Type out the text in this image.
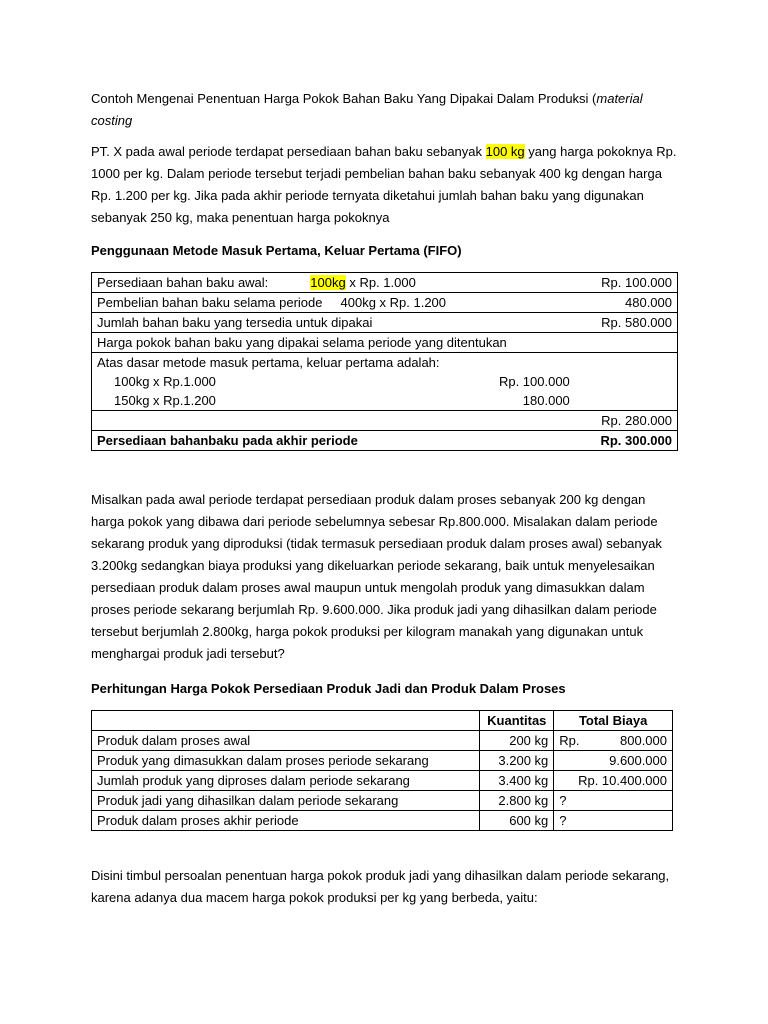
Contoh Mengenai Penentuan Harga Pokok Bahan Baku Yang Dipakai Dalam Produksi (material costing

PT. X pada awal periode terdapat persediaan bahan baku sebanyak 100 kg yang harga pokoknya Rp. 1000 per kg. Dalam periode tersebut terjadi pembelian bahan baku sebanyak 400 kg dengan harga Rp. 1.200 per kg. Jika pada akhir periode ternyata diketahui jumlah bahan baku yang digunakan sebanyak 250 kg, maka penentuan harga pokoknya

Penggunaan Metode Masuk Pertama, Keluar Pertama (FIFO)

Persediaan bahan baku awal: 100kg x Rp. 1.000		Rp. 100.000
Pembelian bahan baku selama periode 400kg x Rp. 1.200		480.000
Jumlah bahan baku yang tersedia untuk dipakai		Rp. 580.000
Harga pokok bahan baku yang dipakai selama periode yang ditentukan		
Atas dasar metode masuk pertama, keluar pertama adalah:		
100kg x Rp.1.000	Rp. 100.000	
150kg x Rp.1.200	180.000	
		Rp. 280.000
Persediaan bahanbaku pada akhir periode		Rp. 300.000

Misalkan pada awal periode terdapat persediaan produk dalam proses sebanyak 200 kg dengan harga pokok yang dibawa dari periode sebelumnya sebesar Rp.800.000. Misalakan dalam periode sekarang produk yang diproduksi (tidak termasuk persediaan produk dalam proses awal) sebanyak 3.200kg sedangkan biaya produksi yang dikeluarkan periode sekarang, baik untuk menyelesaikan persediaan produk dalam proses awal maupun untuk mengolah produk yang dimasukkan dalam proses periode sekarang berjumlah Rp. 9.600.000. Jika produk jadi yang dihasilkan dalam periode tersebut berjumlah 2.800kg, harga pokok produksi per kilogram manakah yang digunakan untuk menghargai produk jadi tersebut?

Perhitungan Harga Pokok Persediaan Produk Jadi dan Produk Dalam Proses

	Kuantitas	Total Biaya
Produk dalam proses awal	200 kg	Rp. 800.000

Produk yang dimasukkan dalam proses periode sekarang	3.200 kg	9.600.000
Jumlah produk yang diproses dalam periode sekarang	3.400 kg	Rp. 10.400.000
Produk jadi yang dihasilkan dalam periode sekarang	2.800 kg	?
Produk dalam proses akhir periode	600 kg	?

Disini timbul persoalan penentuan harga pokok produk jadi yang dihasilkan dalam periode sekarang, karena adanya dua macem harga pokok produksi per kg yang berbeda, yaitu:
